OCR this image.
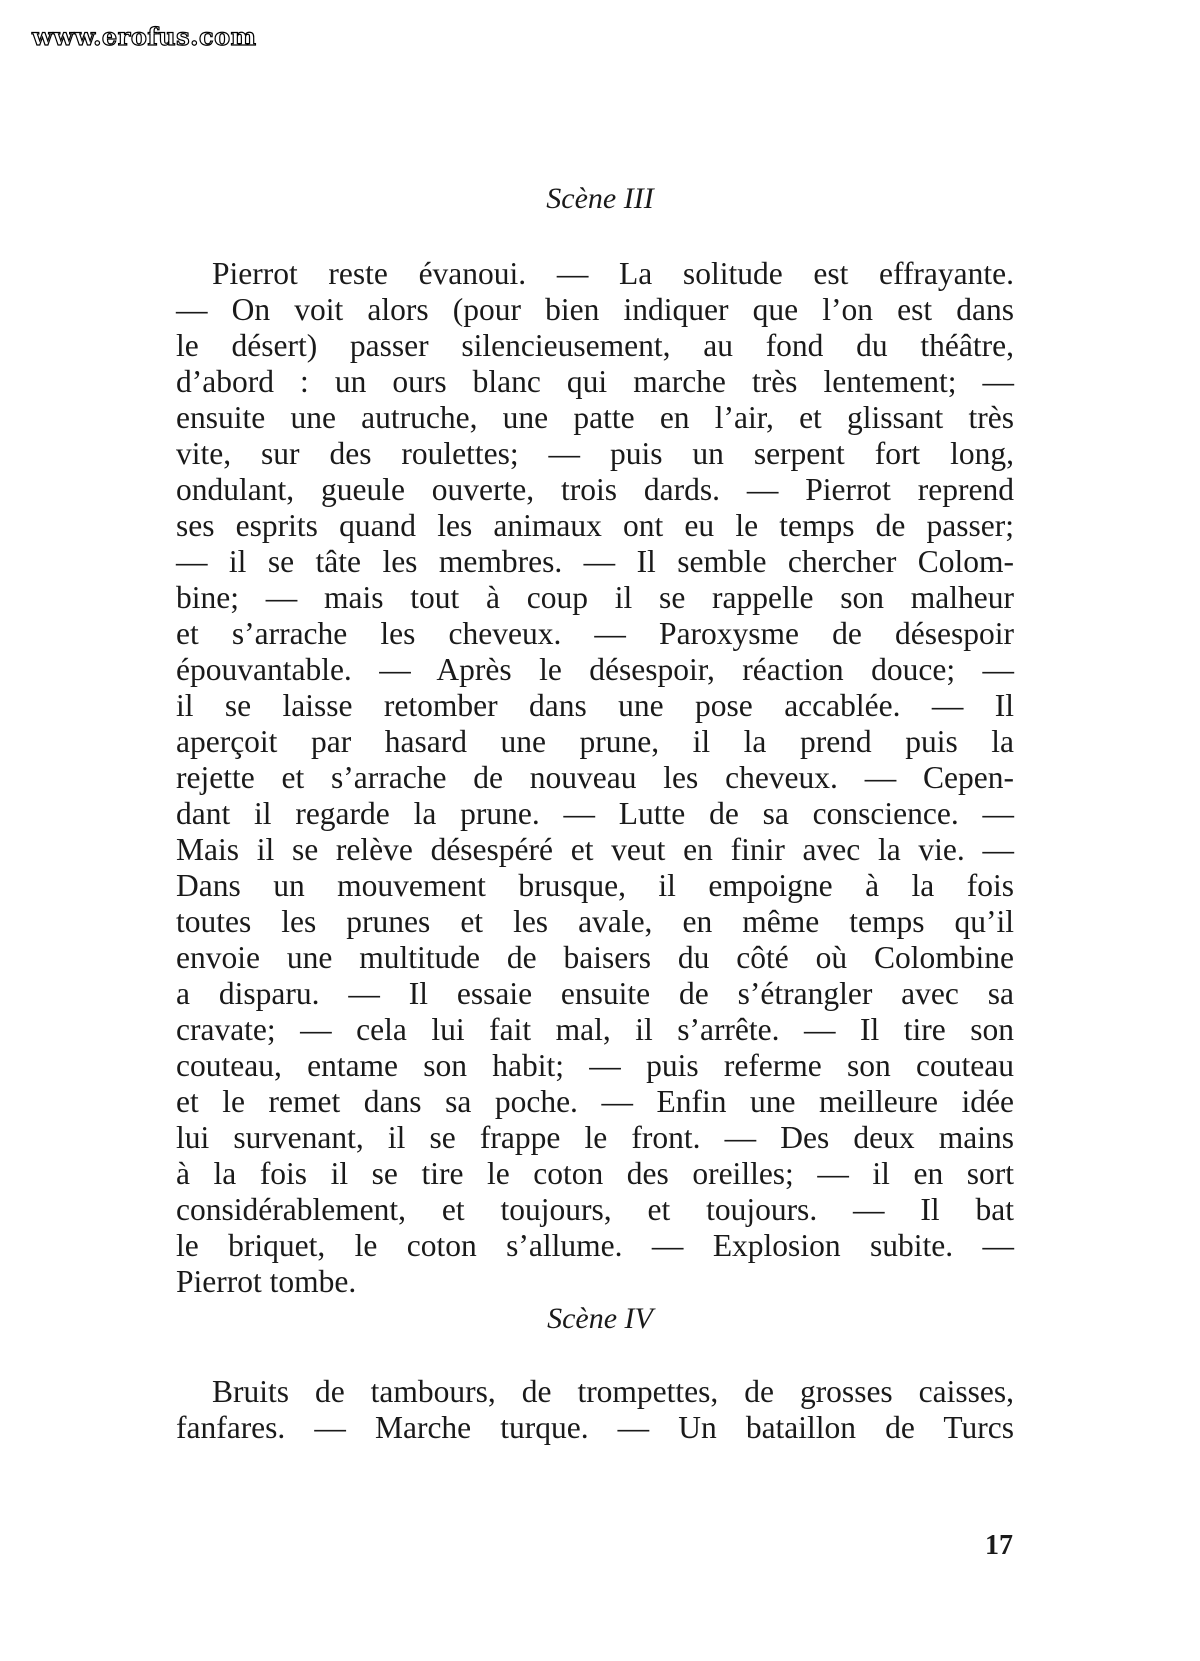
www.erofus.com
Scène III
Pierrot reste évanoui. — La solitude est effrayante.
— On voit alors (pour bien indiquer que l’on est dans
le désert) passer silencieusement, au fond du théâtre,
d’abord : un ours blanc qui marche très lentement; —
ensuite une autruche, une patte en l’air, et glissant très
vite, sur des roulettes; — puis un serpent fort long,
ondulant, gueule ouverte, trois dards. — Pierrot reprend
ses esprits quand les animaux ont eu le temps de passer;
— il se tâte les membres. — Il semble chercher Colom-
bine; — mais tout à coup il se rappelle son malheur
et s’arrache les cheveux. — Paroxysme de désespoir
épouvantable. — Après le désespoir, réaction douce; —
il se laisse retomber dans une pose accablée. — Il
aperçoit par hasard une prune, il la prend puis la
rejette et s’arrache de nouveau les cheveux. — Cepen-
dant il regarde la prune. — Lutte de sa conscience. —
Mais il se relève désespéré et veut en finir avec la vie. —
Dans un mouvement brusque, il empoigne à la fois
toutes les prunes et les avale, en même temps qu’il
envoie une multitude de baisers du côté où Colombine
a disparu. — Il essaie ensuite de s’étrangler avec sa
cravate; — cela lui fait mal, il s’arrête. — Il tire son
couteau, entame son habit; — puis referme son couteau
et le remet dans sa poche. — Enfin une meilleure idée
lui survenant, il se frappe le front. — Des deux mains
à la fois il se tire le coton des oreilles; — il en sort
considérablement, et toujours, et toujours. — Il bat
le briquet, le coton s’allume. — Explosion subite. —
Pierrot tombe.
Scène IV
Bruits de tambours, de trompettes, de grosses caisses,
fanfares. — Marche turque. — Un bataillon de Turcs
17
